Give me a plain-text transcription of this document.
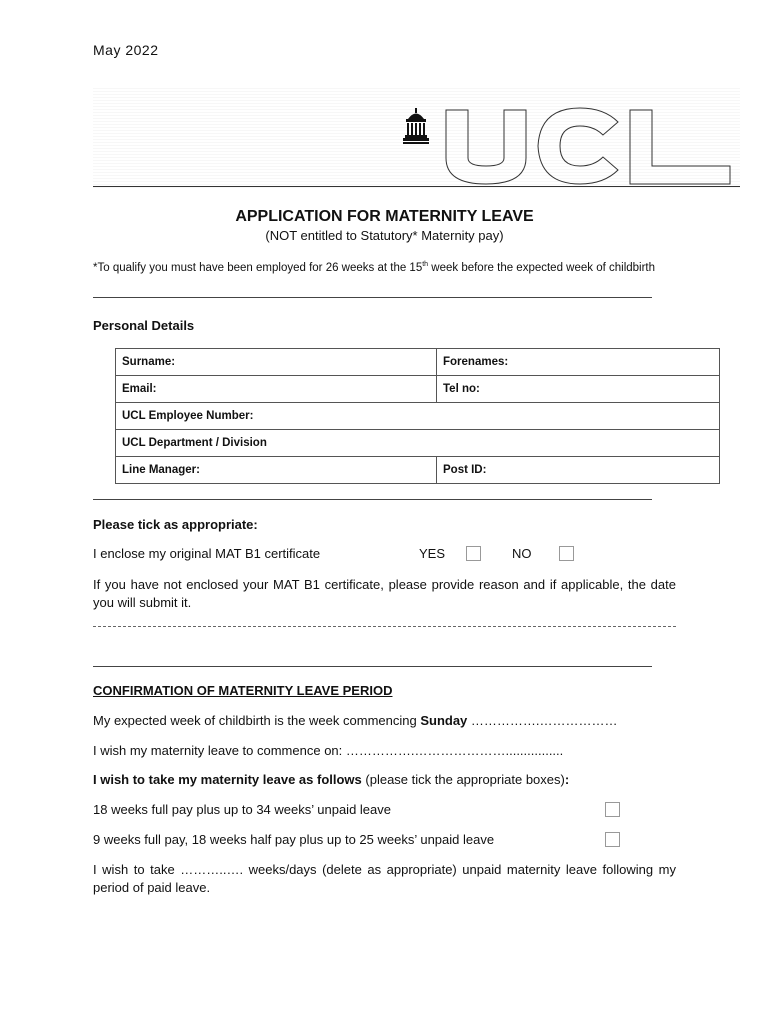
May 2022
APPLICATION FOR MATERNITY LEAVE
(NOT entitled to Statutory* Maternity pay)
*To qualify you must have been employed for 26 weeks at the 15th week before the expected week of childbirth
Personal Details
Surname:	Forenames:
Email:	Tel no:
UCL Employee Number:	
UCL Department / Division	
Line Manager:	Post ID:
Please tick as appropriate:
I enclose my original MAT B1 certificate	YES	NO
If you have not enclosed your MAT B1 certificate, please provide reason and if applicable, the date you will submit it.
CONFIRMATION OF MATERNITY LEAVE PERIOD
My expected week of childbirth is the week commencing Sunday …………….………………
I wish my maternity leave to commence on: …………….…………………................
I wish to take my maternity leave as follows (please tick the appropriate boxes):
18 weeks full pay plus up to 34 weeks’ unpaid leave
9 weeks full pay, 18 weeks half pay plus up to 25 weeks’ unpaid leave
I wish to take ………..…. weeks/days (delete as appropriate) unpaid maternity leave following my period of paid leave.
